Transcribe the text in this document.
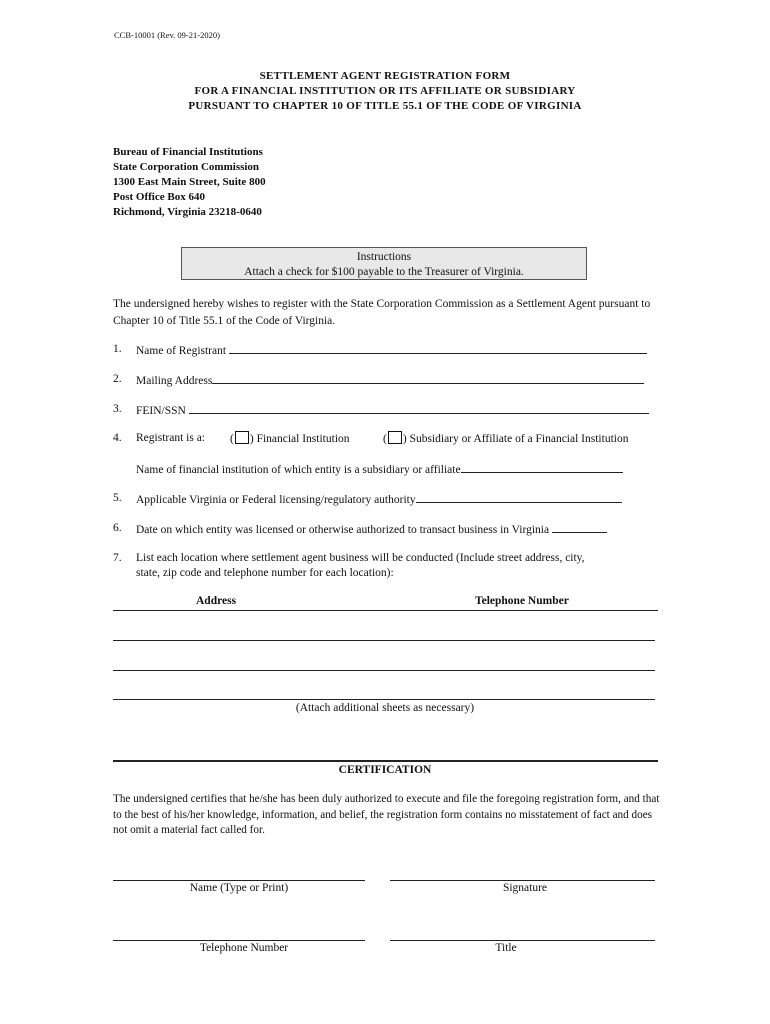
CCB-10001 (Rev. 09-21-2020)
SETTLEMENT AGENT REGISTRATION FORM
FOR A FINANCIAL INSTITUTION OR ITS AFFILIATE OR SUBSIDIARY
PURSUANT TO CHAPTER 10 OF TITLE 55.1 OF THE CODE OF VIRGINIA
Bureau of Financial Institutions
State Corporation Commission
1300 East Main Street, Suite 800
Post Office Box 640
Richmond, Virginia 23218-0640
Instructions
Attach a check for $100 payable to the Treasurer of Virginia.
The undersigned hereby wishes to register with the State Corporation Commission as a Settlement Agent pursuant to Chapter 10 of Title 55.1 of the Code of Virginia.
1. Name of Registrant
2. Mailing Address
3. FEIN/SSN
4. Registrant is a: ( ) Financial Institution	( ) Subsidiary or Affiliate of a Financial Institution
Name of financial institution of which entity is a subsidiary or affiliate
5. Applicable Virginia or Federal licensing/regulatory authority
6. Date on which entity was licensed or otherwise authorized to transact business in Virginia
7. List each location where settlement agent business will be conducted (Include street address, city,
state, zip code and telephone number for each location):
Address	Telephone Number
(Attach additional sheets as necessary)
CERTIFICATION
The undersigned certifies that he/she has been duly authorized to execute and file the foregoing registration form, and that to the best of his/her knowledge, information, and belief, the registration form contains no misstatement of fact and does not omit a material fact called for.
Name (Type or Print)	Signature
Telephone Number	Title
